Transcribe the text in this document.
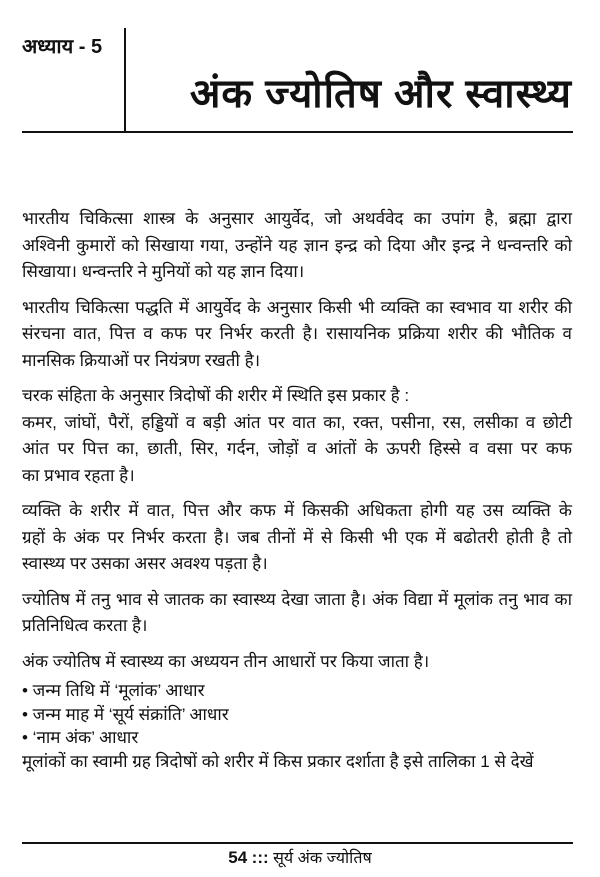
अध्याय - 5
अंक ज्योतिष और स्वास्थ्य
भारतीय चिकित्सा शास्त्र के अनुसार आयुर्वेद, जो अथर्ववेद का उपांग है, ब्रह्मा द्वारा
अश्विनी कुमारों को सिखाया गया, उन्होंने यह ज्ञान इन्द्र को दिया और इन्द्र ने धन्वन्तरि को
सिखाया। धन्वन्तरि ने मुनियों को यह ज्ञान दिया।
भारतीय चिकित्सा पद्धति में आयुर्वेद के अनुसार किसी भी व्यक्ति का स्वभाव या शरीर की
संरचना वात, पित्त व कफ पर निर्भर करती है। रासायनिक प्रक्रिया शरीर की भौतिक व
मानसिक क्रियाओं पर नियंत्रण रखती है।
चरक संहिता के अनुसार त्रिदोषों की शरीर में स्थिति इस प्रकार है :
कमर, जांघों, पैरों, हड्डियों व बड़ी आंत पर वात का, रक्त, पसीना, रस, लसीका व छोटी
आंत पर पित्त का, छाती, सिर, गर्दन, जोड़ों व आंतों के ऊपरी हिस्से व वसा पर कफ
का प्रभाव रहता है।
व्यक्ति के शरीर में वात, पित्त और कफ में किसकी अधिकता होगी यह उस व्यक्ति के
ग्रहों के अंक पर निर्भर करता है। जब तीनों में से किसी भी एक में बढोतरी होती है तो
स्वास्थ्य पर उसका असर अवश्य पड़ता है।
ज्योतिष में तनु भाव से जातक का स्वास्थ्य देखा जाता है। अंक विद्या में मूलांक तनु भाव का
प्रतिनिधित्व करता है।
अंक ज्योतिष में स्वास्थ्य का अध्ययन तीन आधारों पर किया जाता है।
• जन्म तिथि में ‘मूलांक’ आधार
• जन्म माह में ‘सूर्य संक्रांति’ आधार
• ‘नाम अंक’ आधार
मूलांकों का स्वामी ग्रह त्रिदोषों को शरीर में किस प्रकार दर्शाता है इसे तालिका 1 से देखें
54 ::: सूर्य अंक ज्योतिष
